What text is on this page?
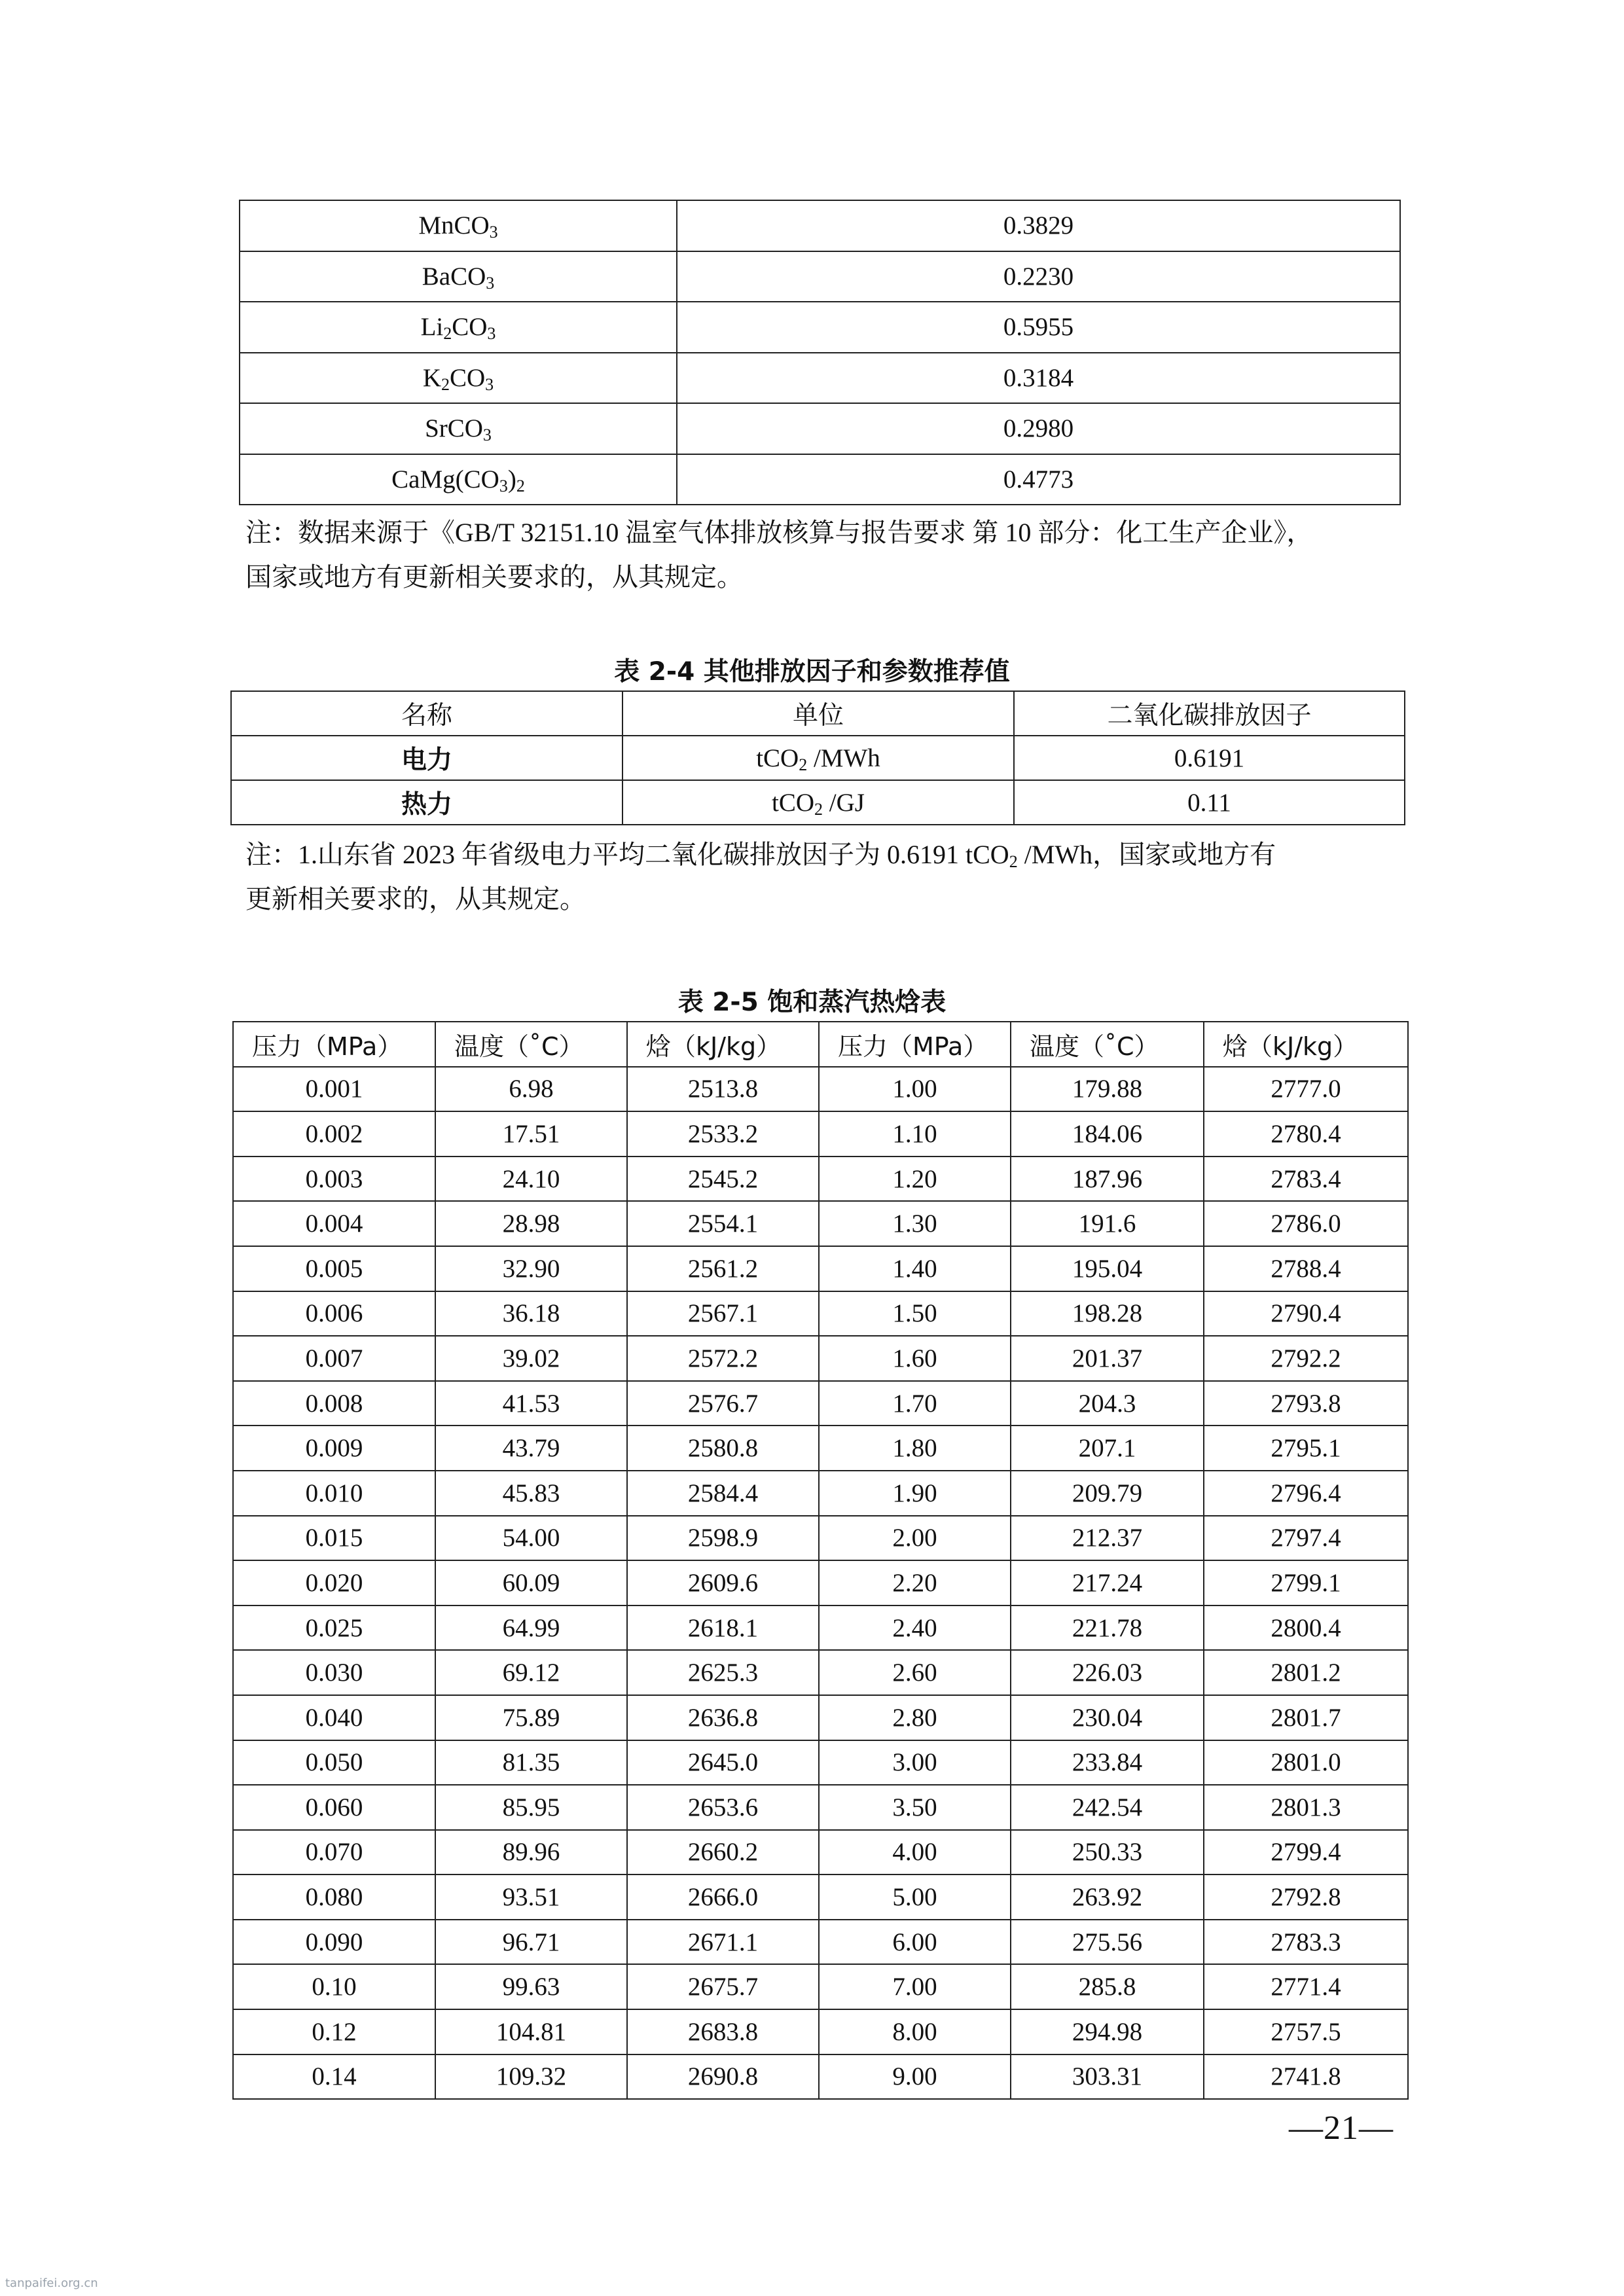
MnCO$_3$	0.3829
BaCO$_3$	0.2230
$Li_2CO_3$	0.5955
$K_2CO_3$	0.3184
SrCO$_3$	0.2980
$CaMg(CO_3)_2$	0.4773
注：数据来源于《GB/T 32151.10 温室气体排放核算与报告要求 第 10 部分：化工生产企业》，
国家或地方有更新相关要求的，从其规定。
表 2-4 其他排放因子和参数推荐值
名称	单位	二氧化碳排放因子
电力	tCO$_2$ /MWh	0.6191
热力	tCO$_2$ /GJ	0.11
注：1.山东省 2023 年省级电力平均二氧化碳排放因子为 0.6191 tCO$_2$ /MWh，国家或地方有
更新相关要求的，从其规定。
表 2-5 饱和蒸汽热焓表
压力（MPa）	温度（˚C）	焓（kJ/kg）	压力（MPa）	温度（˚C）	焓（kJ/kg）
0.001	6.98	2513.8	1.00	179.88	2777.0
0.002	17.51	2533.2	1.10	184.06	2780.4
0.003	24.10	2545.2	1.20	187.96	2783.4
0.004	28.98	2554.1	1.30	191.6	2786.0
0.005	32.90	2561.2	1.40	195.04	2788.4
0.006	36.18	2567.1	1.50	198.28	2790.4
0.007	39.02	2572.2	1.60	201.37	2792.2
0.008	41.53	2576.7	1.70	204.3	2793.8
0.009	43.79	2580.8	1.80	207.1	2795.1
0.010	45.83	2584.4	1.90	209.79	2796.4
0.015	54.00	2598.9	2.00	212.37	2797.4
0.020	60.09	2609.6	2.20	217.24	2799.1
0.025	64.99	2618.1	2.40	221.78	2800.4
0.030	69.12	2625.3	2.60	226.03	2801.2
0.040	75.89	2636.8	2.80	230.04	2801.7
0.050	81.35	2645.0	3.00	233.84	2801.0
0.060	85.95	2653.6	3.50	242.54	2801.3
0.070	89.96	2660.2	4.00	250.33	2799.4
0.080	93.51	2666.0	5.00	263.92	2792.8
0.090	96.71	2671.1	6.00	275.56	2783.3
0.10	99.63	2675.7	7.00	285.8	2771.4
0.12	104.81	2683.8	8.00	294.98	2757.5
0.14	109.32	2690.8	9.00	303.31	2741.8
—21—
tanpaifei.org.cn
